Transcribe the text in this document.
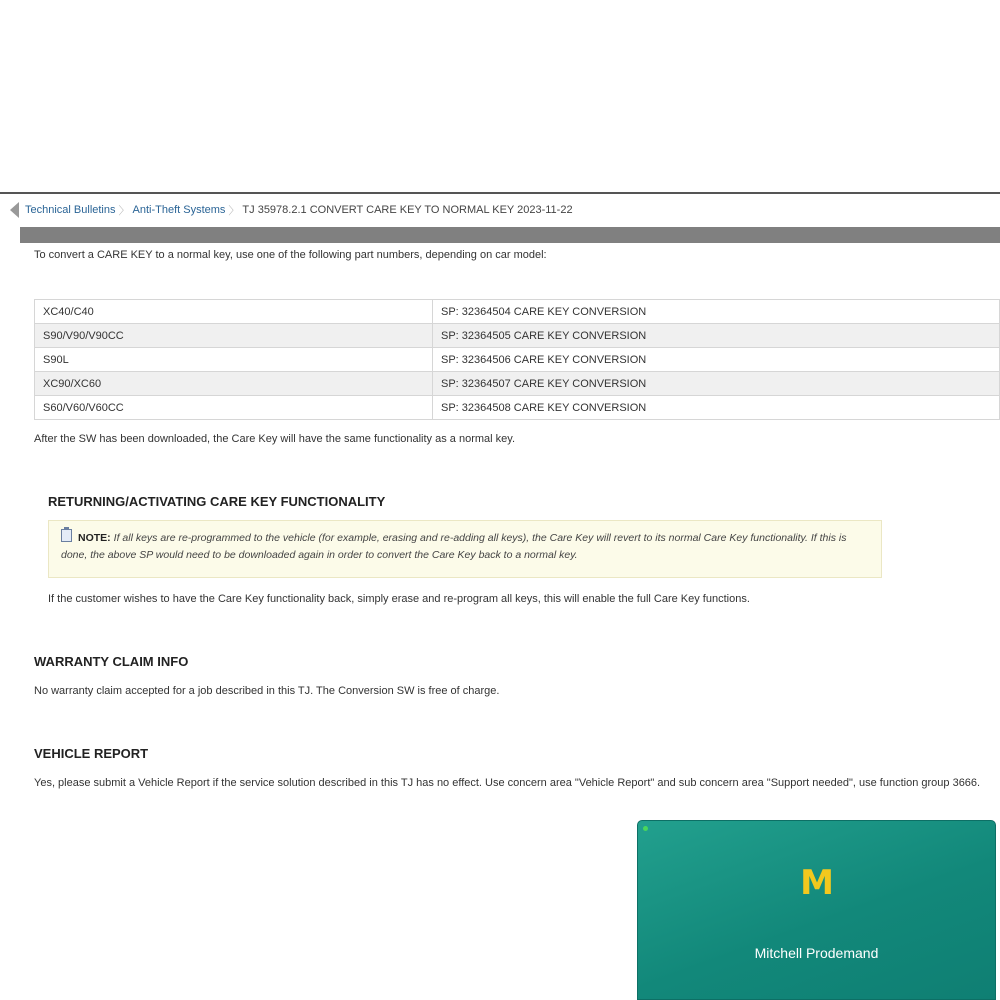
Technical Bulletins 〉 Anti-Theft Systems 〉 TJ 35978.2.1 CONVERT CARE KEY TO NORMAL KEY 2023-11-22
To convert a CARE KEY to a normal key, use one of the following part numbers, depending on car model:
XC40/C40	SP: 32364504 CARE KEY CONVERSION
S90/V90/V90CC	SP: 32364505 CARE KEY CONVERSION
S90L	SP: 32364506 CARE KEY CONVERSION
XC90/XC60	SP: 32364507 CARE KEY CONVERSION
S60/V60/V60CC	SP: 32364508 CARE KEY CONVERSION
After the SW has been downloaded, the Care Key will have the same functionality as a normal key.
RETURNING/ACTIVATING CARE KEY FUNCTIONALITY
NOTE: If all keys are re-programmed to the vehicle (for example, erasing and re-adding all keys), the Care Key will revert to its normal Care Key functionality. If this is done, the above SP would need to be downloaded again in order to convert the Care Key back to a normal key.
If the customer wishes to have the Care Key functionality back, simply erase and re-program all keys, this will enable the full Care Key functions.
WARRANTY CLAIM INFO
No warranty claim accepted for a job described in this TJ. The Conversion SW is free of charge.
VEHICLE REPORT
Yes, please submit a Vehicle Report if the service solution described in this TJ has no effect. Use concern area "Vehicle Report" and sub concern area "Support needed", use function group 3666.
M
Mitchell Prodemand
